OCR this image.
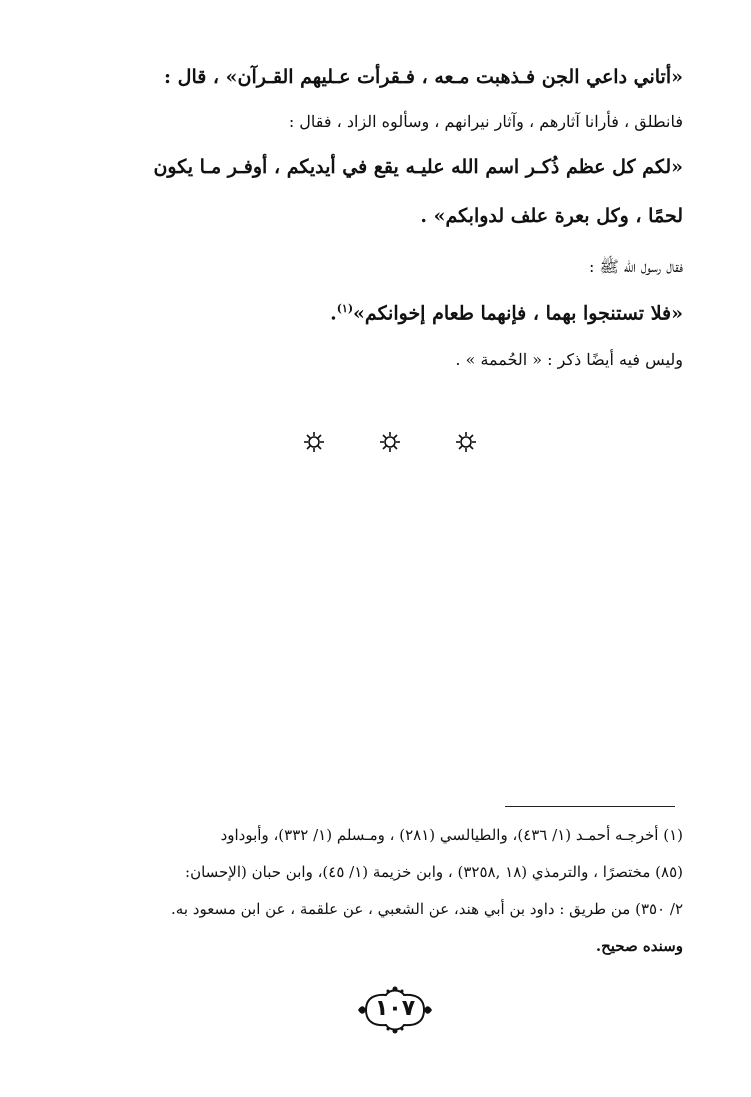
«أتاني داعي الجن فـذهبت مـعه ، فـقرأت عـليهم القـرآن» ، قال :
فانطلق ، فأرانا آثارهم ، وآثار نيرانهم ، وسألوه الزاد ، فقال :
«لكم كل عظم ذُكـر اسم الله عليـه يقع في أيديكم ، أوفـر مـا يكون
لحمًا ، وكل بعرة علف لدوابكم» .
فقال رسول الله ﷺ :
«فلا تستنجوا بهما ، فإنهما طعام إخوانكم»$^{(١)}$.
وليس فيه أيضًا ذكر : « الحُممة » .
(١) أخرجـه أحمـد (١/ ٤٣٦)، والطيالسي (٢٨١) ، ومـسلم (١/ ٣٣٢)، وأبوداود
(٨٥) مختصرًا ، والترمذي (١٨ ,٣٢٥٨) ، وابن خزيمة (١/ ٤٥)، وابن حبان (الإحسان:
٢/ ٣٥٠) من طريق : داود بن أبي هند، عن الشعبي ، عن علقمة ، عن ابن مسعود به.
وسنده صحيح.
١٠٧
